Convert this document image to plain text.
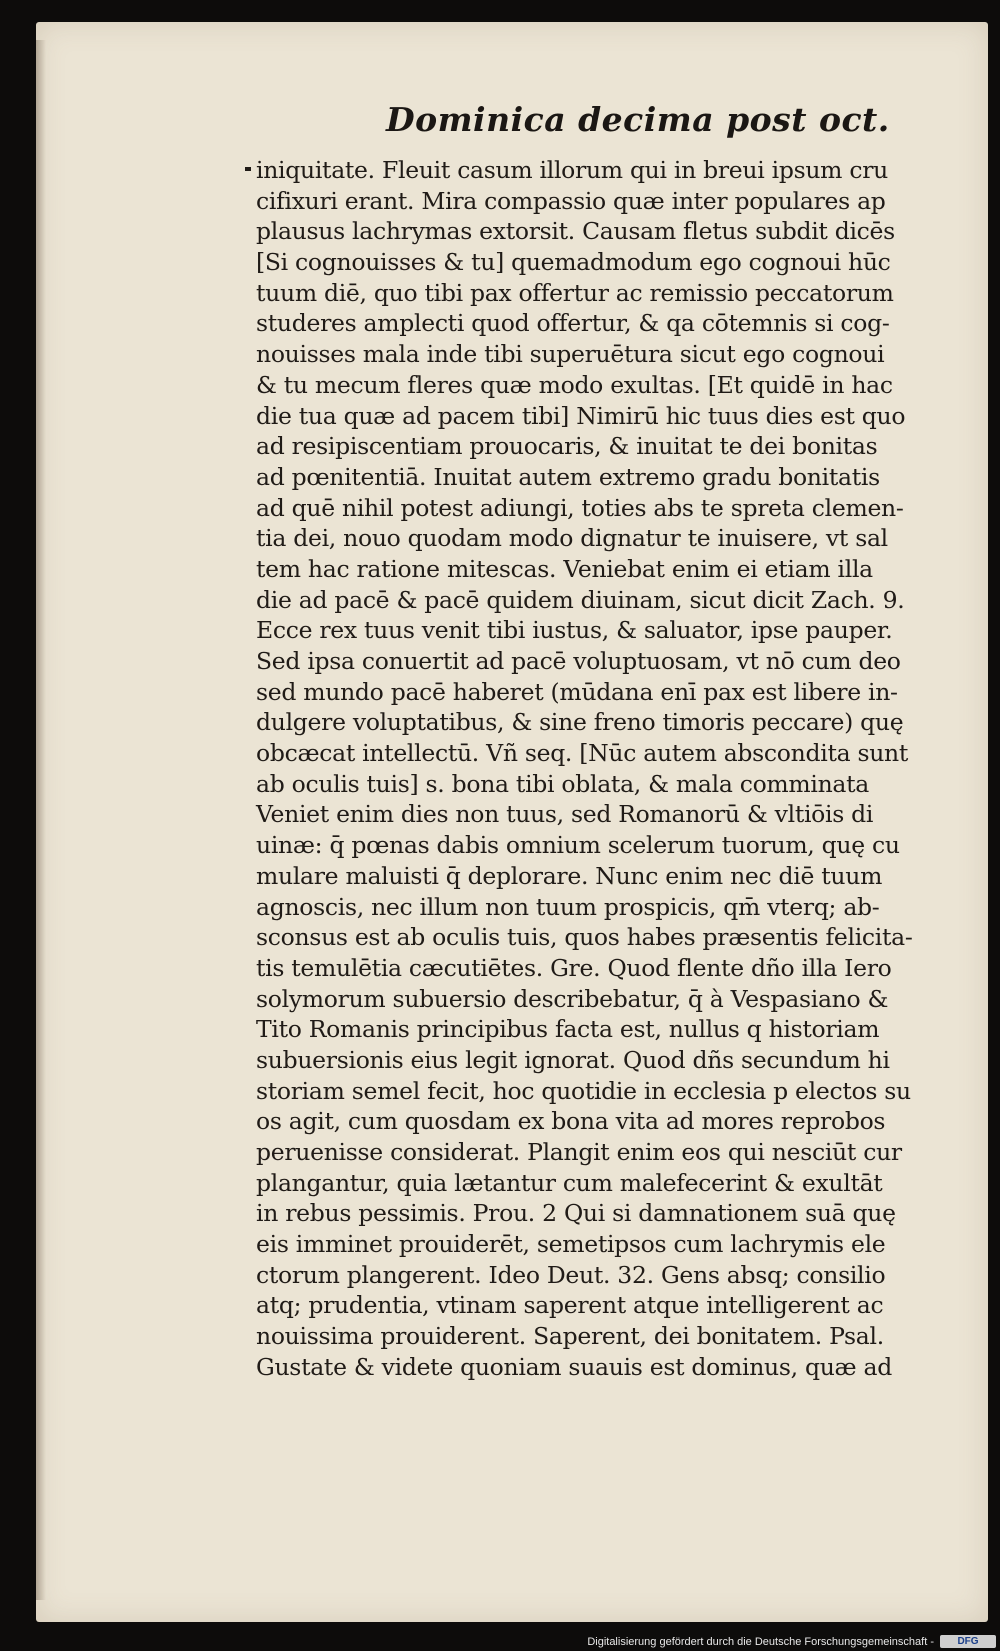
Dominica decima post oct.
iniquitate. Fleuit casum illorum qui in breui ipsum cru
cifixuri erant. Mira compassio quæ inter populares ap
plausus lachrymas extorsit. Causam fletus subdit dicēs
[Si cognouisses & tu] quemadmodum ego cognoui hūc
tuum diē, quo tibi pax offertur ac remissio peccatorum
studeres amplecti quod offertur, & qa cōtemnis si cog-
nouisses mala inde tibi superuētura sicut ego cognoui
& tu mecum fleres quæ modo exultas. [Et quidē in hac
die tua quæ ad pacem tibi] Nimirū hic tuus dies est quo
ad resipiscentiam prouocaris, & inuitat te dei bonitas
ad pœnitentiā. Inuitat autem extremo gradu bonitatis
ad quē nihil potest adiungi, toties abs te spreta clemen-
tia dei, nouo quodam modo dignatur te inuisere, vt sal
tem hac ratione mitescas. Veniebat enim ei etiam illa
die ad pacē & pacē quidem diuinam, sicut dicit Zach. 9.
Ecce rex tuus venit tibi iustus, & saluator, ipse pauper.
Sed ipsa conuertit ad pacē voluptuosam, vt nō cum deo
sed mundo pacē haberet (mūdana enī pax est libere in-
dulgere voluptatibus, & sine freno timoris peccare) quę
obcæcat intellectū. Vñ seq. [Nūc autem abscondita sunt
ab oculis tuis] s. bona tibi oblata, & mala comminata
Veniet enim dies non tuus, sed Romanorū & vltiōis di
uinæ: q̄ pœnas dabis omnium scelerum tuorum, quę cu
mulare maluisti q̄ deplorare. Nunc enim nec diē tuum
agnoscis, nec illum non tuum prospicis, qm̄ vterq; ab-
sconsus est ab oculis tuis, quos habes præsentis felicita-
tis temulētia cæcutiētes. Gre. Quod flente dño illa Iero
solymorum subuersio describebatur, q̄ à Vespasiano &
Tito Romanis principibus facta est, nullus q historiam
subuersionis eius legit ignorat. Quod dñs secundum hi
storiam semel fecit, hoc quotidie in ecclesia p electos su
os agit, cum quosdam ex bona vita ad mores reprobos
peruenisse considerat. Plangit enim eos qui nesciūt cur
plangantur, quia lætantur cum malefecerint & exultāt
in rebus pessimis. Prou. 2 Qui si damnationem suā quę
eis imminet prouiderēt, semetipsos cum lachrymis ele
ctorum plangerent. Ideo Deut. 32. Gens absq; consilio
atq; prudentia, vtinam saperent atque intelligerent ac
nouissima prouiderent. Saperent, dei bonitatem. Psal.
Gustate & videte quoniam suauis est dominus, quæ ad
Digitalisierung gefördert durch die Deutsche Forschungsgemeinschaft -	DFG
